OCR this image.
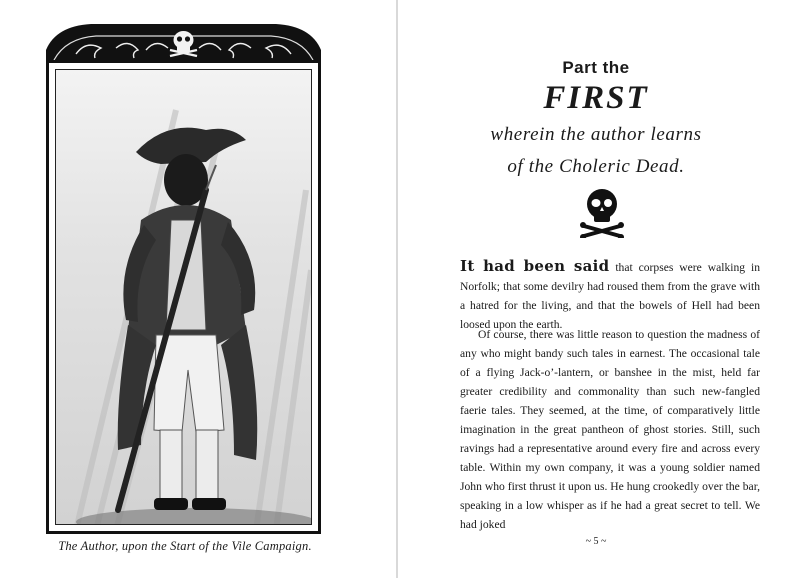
The Author, upon the Start of the Vile Campaign.
Part the
FIRST
wherein the author learns
of the Choleric Dead.
It had been said that corpses were walking in Norfolk; that some devilry had roused them from the grave with a hatred for the living, and that the bowels of Hell had been loosed upon the earth.
Of course, there was little reason to question the madness of any who might bandy such tales in earnest. The occasional tale of a flying Jack-o’-lantern, or banshee in the mist, held far greater credibility and commonality than such new-fangled faerie tales. They seemed, at the time, of comparatively little imagination in the great pantheon of ghost stories. Still, such ravings had a representative around every fire and across every table. Within my own company, it was a young soldier named John who first thrust it upon us. He hung crookedly over the bar, speaking in a low whisper as if he had a great secret to tell. We had joked
~ 5 ~
